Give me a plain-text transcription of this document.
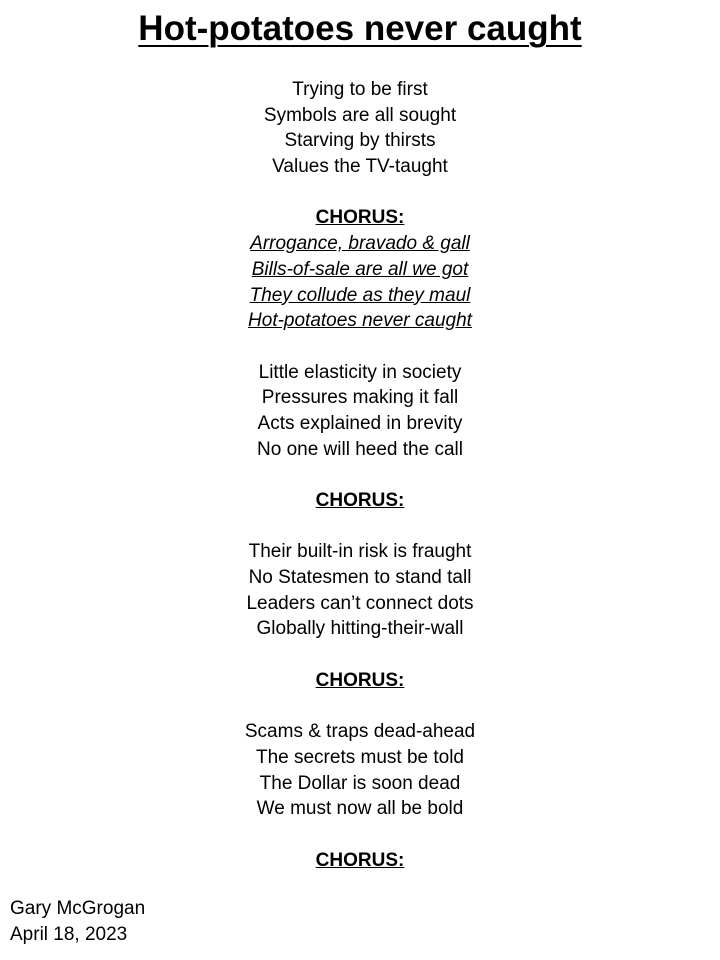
Hot-potatoes never caught
Trying to be first
Symbols are all sought
Starving by thirsts
Values the TV-taught
CHORUS:
Arrogance, bravado & gall
Bills-of-sale are all we got
They collude as they maul
Hot-potatoes never caught
Little elasticity in society
Pressures making it fall
Acts explained in brevity
No one will heed the call
CHORUS:
Their built-in risk is fraught
No Statesmen to stand tall
Leaders can’t connect dots
Globally hitting-their-wall
CHORUS:
Scams & traps dead-ahead
The secrets must be told
The Dollar is soon dead
We must now all be bold
CHORUS:
Gary McGrogan
April 18, 2023
